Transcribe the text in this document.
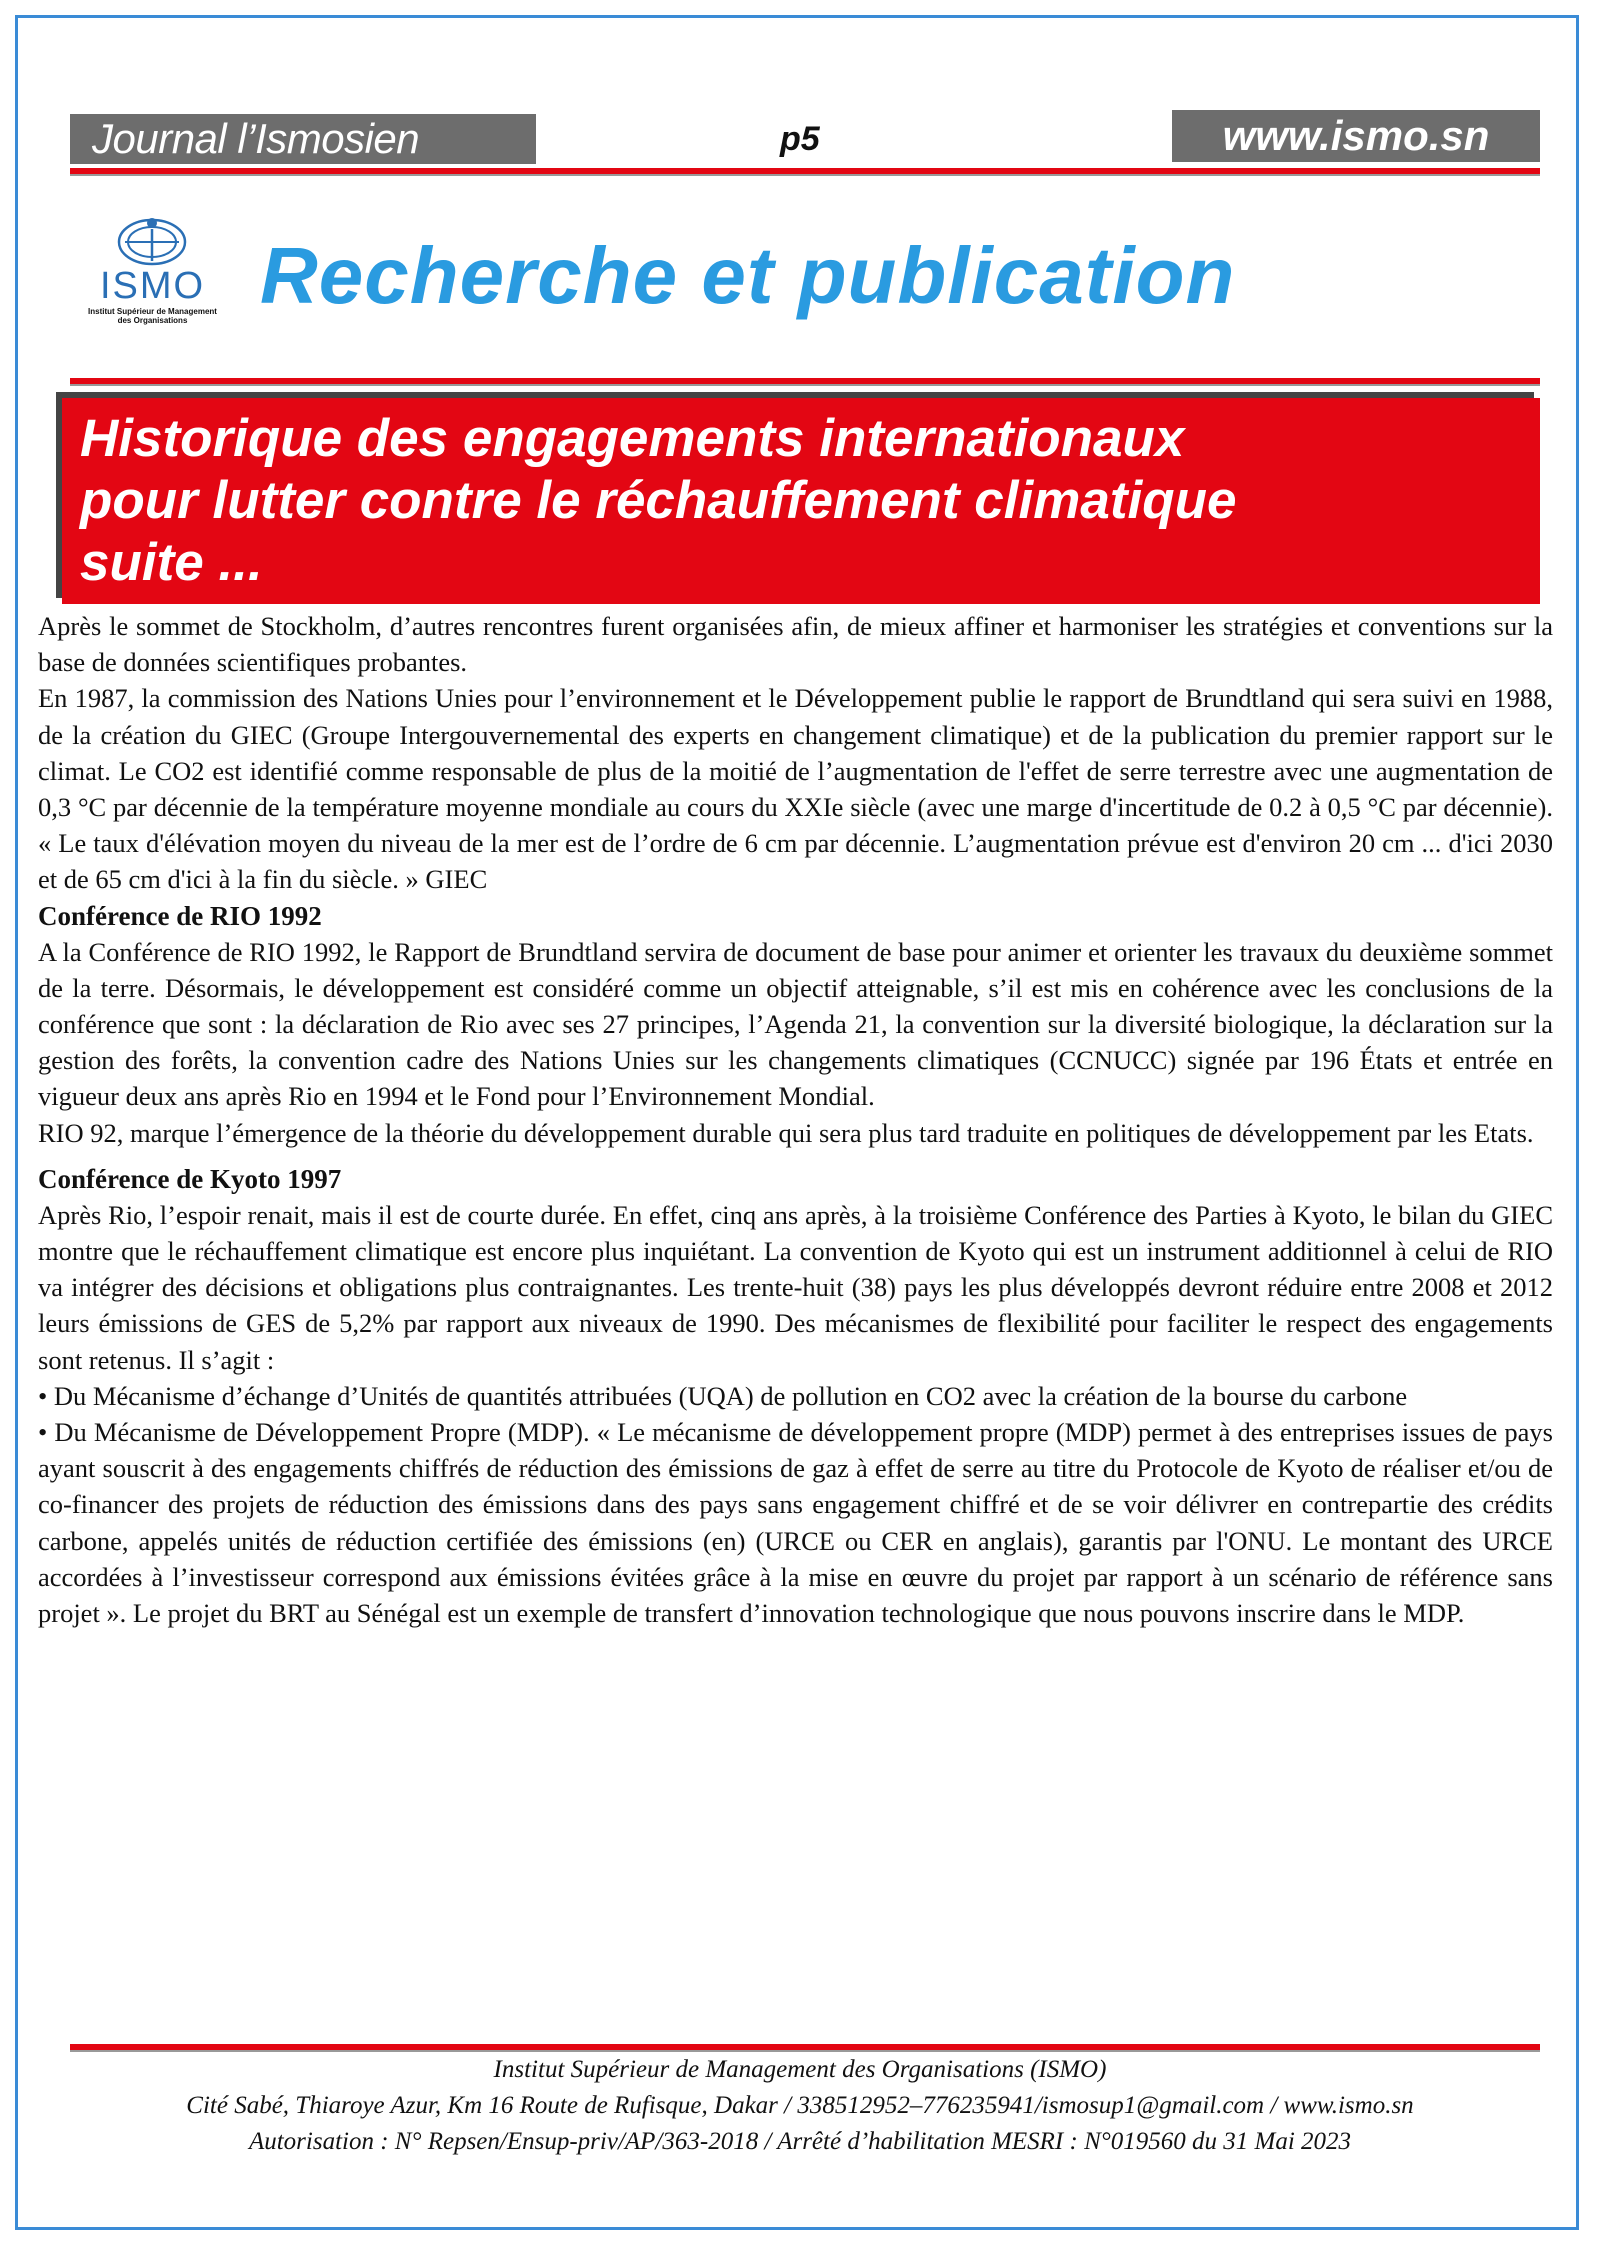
Journal l’Ismosien	p5	www.ismo.sn
ISMO
Institut Supérieur de Management
des Organisations
Recherche et publication
Historique des engagements internationaux
pour lutter contre le réchauffement climatique
suite ...

Après le sommet de Stockholm, d’autres rencontres furent organisées afin, de mieux affiner et harmoniser les stratégies et conventions sur la base de données scientifiques probantes.

En 1987, la commission des Nations Unies pour l’environnement et le Développement publie le rapport de Brundtland qui sera suivi en 1988, de la création du GIEC (Groupe Intergouvernemental des experts en changement climatique) et de la publication du premier rapport sur le climat. Le CO2 est identifié comme responsable de plus de la moitié de l’augmentation de l'effet de serre terrestre avec une augmentation de 0,3 °C par décennie de la température moyenne mondiale au cours du XXIe siècle (avec une marge d'incertitude de 0.2 à 0,5 °C par décennie). « Le taux d'élévation moyen du niveau de la mer est de l’ordre de 6 cm par décennie. L’augmentation prévue est d'environ 20 cm ... d'ici 2030 et de 65 cm d'ici à la fin du siècle. » GIEC

Conférence de RIO 1992

A la Conférence de RIO 1992, le Rapport de Brundtland servira de document de base pour animer et orienter les travaux du deuxième sommet de la terre. Désormais, le développement est considéré comme un objectif atteignable, s’il est mis en cohérence avec les conclusions de la conférence que sont : la déclaration de Rio avec ses 27 principes, l’Agenda 21, la convention sur la diversité biologique, la déclaration sur la gestion des forêts, la convention cadre des Nations Unies sur les changements climatiques (CCNUCC) signée par 196 États et entrée en vigueur deux ans après Rio en 1994 et le Fond pour l’Environnement Mondial.

RIO 92, marque l’émergence de la théorie du développement durable qui sera plus tard traduite en politiques de développement par les Etats.

Conférence de Kyoto 1997

Après Rio, l’espoir renait, mais il est de courte durée. En effet, cinq ans après, à la troisième Conférence des Parties à Kyoto, le bilan du GIEC montre que le réchauffement climatique est encore plus inquiétant. La convention de Kyoto qui est un instrument additionnel à celui de RIO va intégrer des décisions et obligations plus contraignantes. Les trente-huit (38) pays les plus développés devront réduire entre 2008 et 2012 leurs émissions de GES de 5,2% par rapport aux niveaux de 1990. Des mécanismes de flexibilité pour faciliter le respect des engagements sont retenus. Il s’agit :

• Du Mécanisme d’échange d’Unités de quantités attribuées (UQA) de pollution en CO2 avec la création de la bourse du carbone

• Du Mécanisme de Développement Propre (MDP). « Le mécanisme de développement propre (MDP) permet à des entreprises issues de pays ayant souscrit à des engagements chiffrés de réduction des émissions de gaz à effet de serre au titre du Protocole de Kyoto de réaliser et/ou de co-financer des projets de réduction des émissions dans des pays sans engagement chiffré et de se voir délivrer en contrepartie des crédits carbone, appelés unités de réduction certifiée des émissions (en) (URCE ou CER en anglais), garantis par l'ONU. Le montant des URCE accordées à l’investisseur correspond aux émissions évitées grâce à la mise en œuvre du projet par rapport à un scénario de référence sans projet ». Le projet du BRT au Sénégal est un exemple de transfert d’innovation technologique que nous pouvons inscrire dans le MDP.

Institut Supérieur de Management des Organisations (ISMO)
Cité Sabé, Thiaroye Azur, Km 16 Route de Rufisque, Dakar / 338512952–776235941/ismosup1@gmail.com / www.ismo.sn
Autorisation : N° Repsen/Ensup-priv/AP/363-2018 / Arrêté d’habilitation MESRI : N°019560 du 31 Mai 2023
